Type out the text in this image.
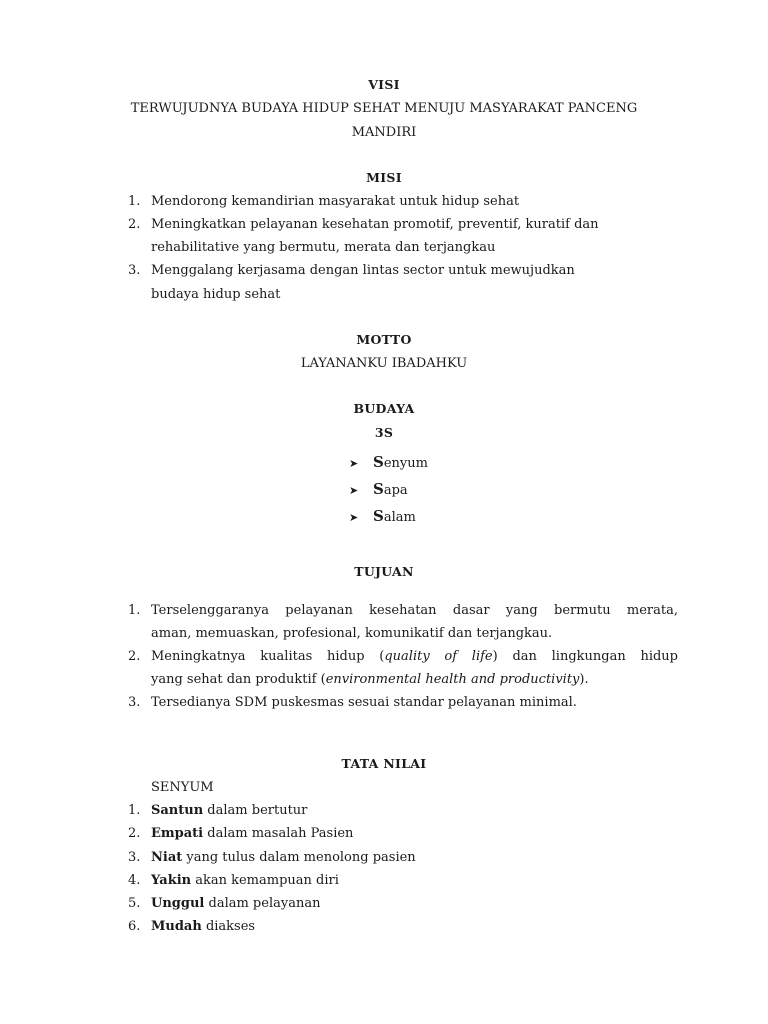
VISI
TERWUJUDNYA BUDAYA HIDUP SEHAT MENUJU MASYARAKAT PANCENG
MANDIRI
MISI
1. Mendorong kemandirian masyarakat untuk hidup sehat
2. Meningkatkan pelayanan kesehatan promotif, preventif, kuratif dan
rehabilitative yang bermutu, merata dan terjangkau
3. Menggalang kerjasama dengan lintas sector untuk mewujudkan
budaya hidup sehat
MOTTO
LAYANANKU IBADAHKU
BUDAYA
3S
➤ Senyum
➤ Sapa
➤ Salam
TUJUAN
1. Terselenggaranya pelayanan kesehatan dasar yang bermutu merata,
aman, memuaskan, profesional, komunikatif dan terjangkau.
2. Meningkatnya kualitas hidup (quality of life) dan lingkungan hidup
yang sehat dan produktif (environmental health and productivity).
3. Tersedianya SDM puskesmas sesuai standar pelayanan minimal.
TATA NILAI
SENYUM
1. Santun dalam bertutur
2. Empati dalam masalah Pasien
3. Niat yang tulus dalam menolong pasien
4. Yakin akan kemampuan diri
5. Unggul dalam pelayanan
6. Mudah diakses
